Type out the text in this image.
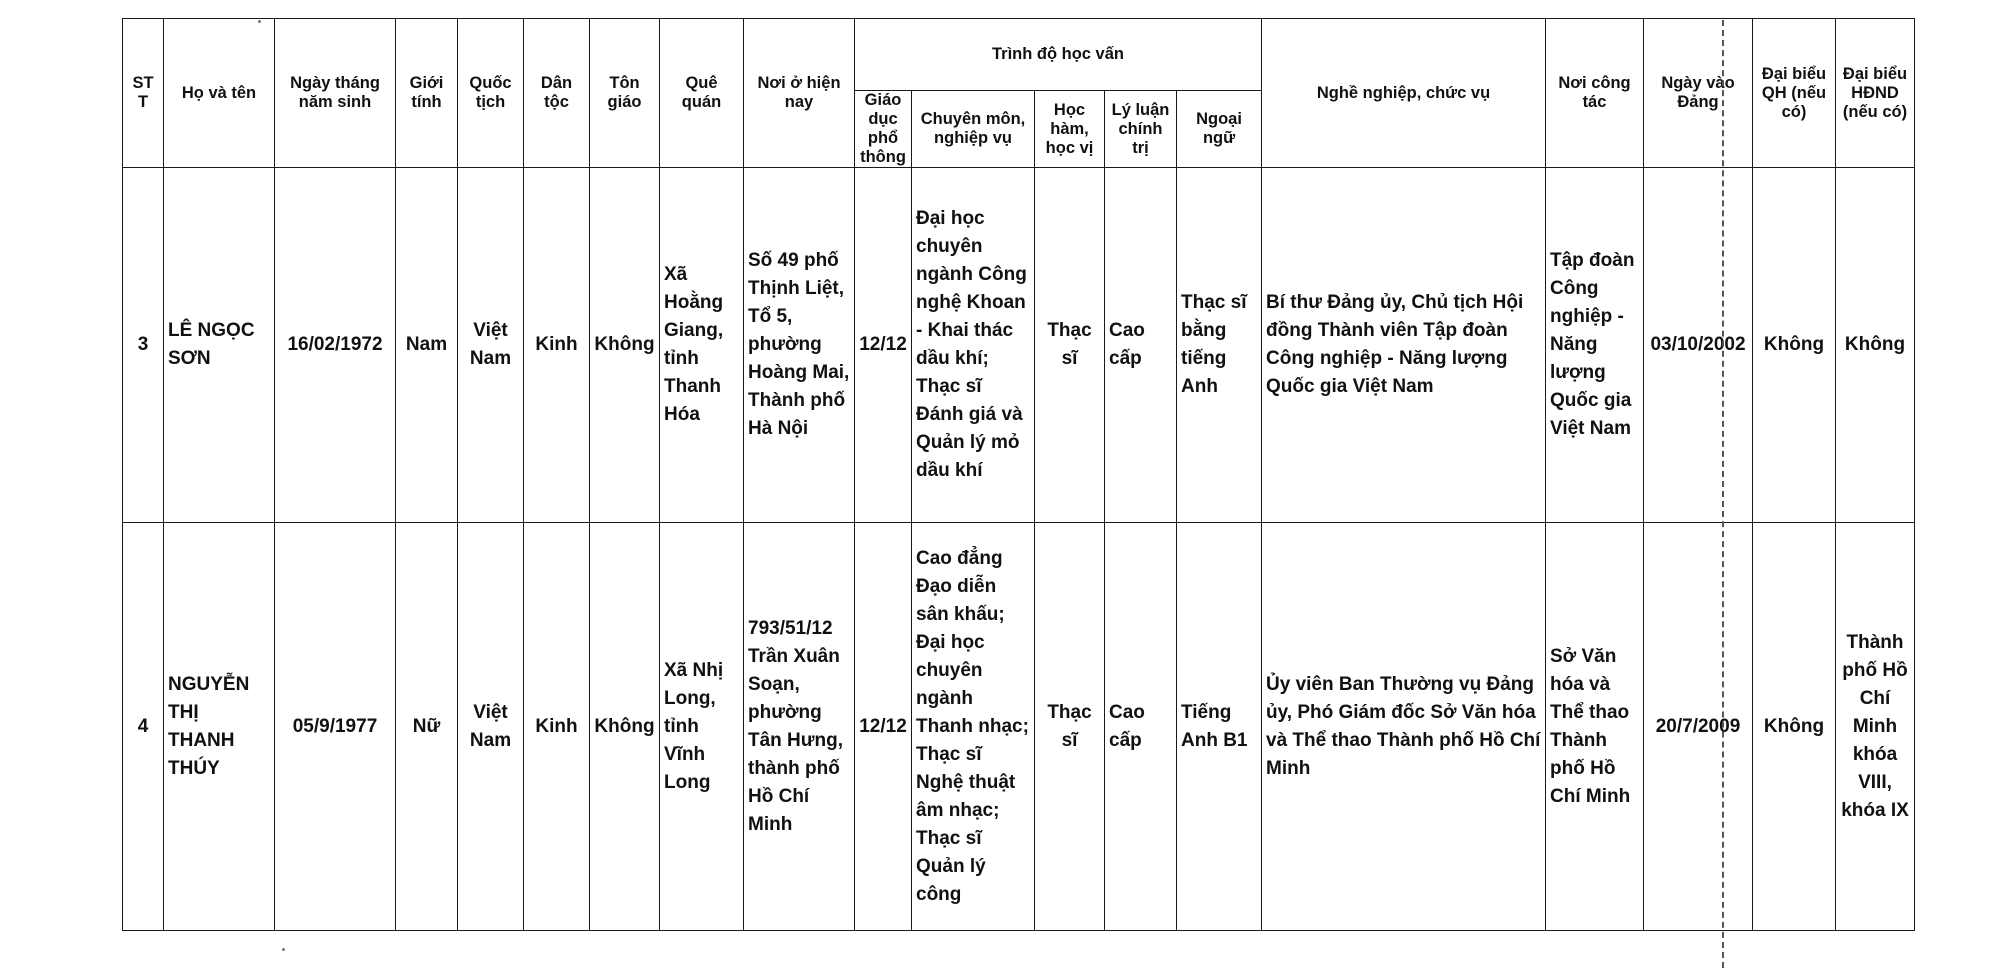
ST T	Họ và tên	Ngày tháng năm sinh	Giới tính	Quốc tịch	Dân tộc	Tôn giáo	Quê quán	Nơi ở hiện nay	Trình độ học vấn					Nghề nghiệp, chức vụ	Nơi công tác	Ngày vào Đảng	Đại biểu QH (nếu có)	Đại biểu HĐND (nếu có)
									Giáo dục phổ thông	Chuyên môn, nghiệp vụ	Học hàm, học vị	Lý luận chính trị	Ngoại ngữ					
3	LÊ NGỌC SƠN	16/02/1972	Nam	Việt Nam	Kinh	Không	Xã Hoằng Giang, tỉnh Thanh Hóa	Số 49 phố Thịnh Liệt, Tổ 5, phường Hoàng Mai, Thành phố Hà Nội	12/12	Đại học chuyên ngành Công nghệ Khoan - Khai thác dầu khí; Thạc sĩ Đánh giá và Quản lý mỏ dầu khí	Thạc sĩ	Cao cấp	Thạc sĩ bằng tiếng Anh	Bí thư Đảng ủy, Chủ tịch Hội đồng Thành viên Tập đoàn Công nghiệp - Năng lượng Quốc gia Việt Nam	Tập đoàn Công nghiệp - Năng lượng Quốc gia Việt Nam	03/10/2002	Không	Không
4	NGUYỄN THỊ THANH THÚY	05/9/1977	Nữ	Việt Nam	Kinh	Không	Xã Nhị Long, tỉnh Vĩnh Long	793/51/12 Trần Xuân Soạn, phường Tân Hưng, thành phố Hồ Chí Minh	12/12	Cao đẳng Đạo diễn sân khấu; Đại học chuyên ngành Thanh nhạc; Thạc sĩ Nghệ thuật âm nhạc; Thạc sĩ Quản lý công	Thạc sĩ	Cao cấp	Tiếng Anh B1	Ủy viên Ban Thường vụ Đảng ủy, Phó Giám đốc Sở Văn hóa và Thể thao Thành phố Hồ Chí Minh	Sở Văn hóa và Thể thao Thành phố Hồ Chí Minh	20/7/2009	Không	Thành phố Hồ Chí Minh khóa VIII, khóa IX
